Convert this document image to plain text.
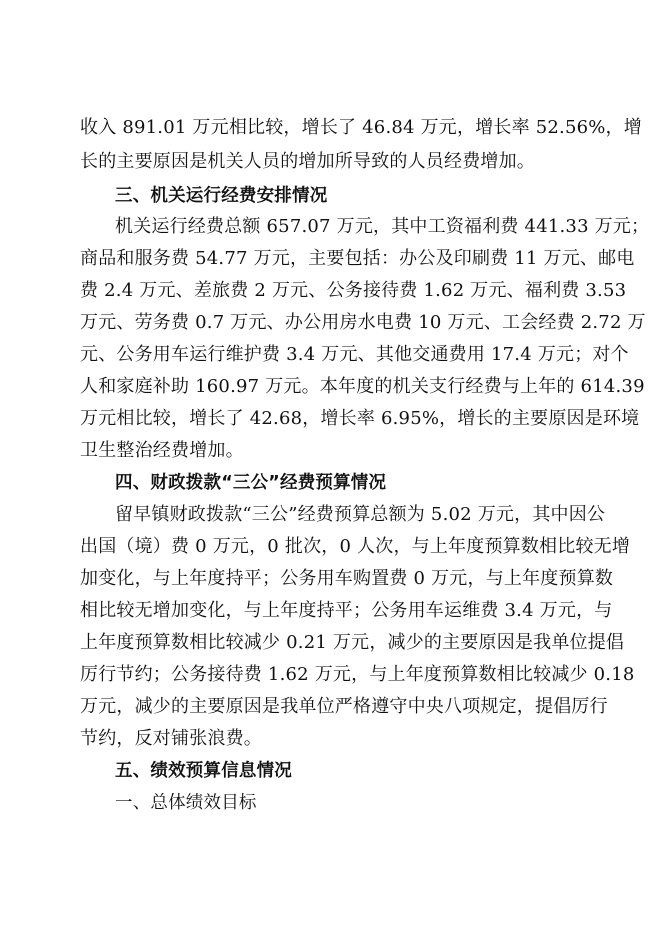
收入 891.01 万元相比较，增长了 46.84 万元，增长率 52.56%，增
长的主要原因是机关人员的增加所导致的人员经费增加。
三、机关运行经费安排情况
机关运行经费总额 657.07 万元，其中工资福利费 441.33 万元；
商品和服务费 54.77 万元，主要包括：办公及印刷费 11 万元、邮电
费 2.4 万元、差旅费 2 万元、公务接待费 1.62 万元、福利费 3.53
万元、劳务费 0.7 万元、办公用房水电费 10 万元、工会经费 2.72 万
元、公务用车运行维护费 3.4 万元、其他交通费用 17.4 万元；对个
人和家庭补助 160.97 万元。本年度的机关支行经费与上年的 614.39
万元相比较，增长了 42.68，增长率 6.95%，增长的主要原因是环境
卫生整治经费增加。
四、财政拨款“三公”经费预算情况
留早镇财政拨款“三公”经费预算总额为 5.02 万元，其中因公
出国（境）费 0 万元，0 批次，0 人次，与上年度预算数相比较无增
加变化，与上年度持平；公务用车购置费 0 万元，与上年度预算数
相比较无增加变化，与上年度持平；公务用车运维费 3.4 万元，与
上年度预算数相比较减少 0.21 万元，减少的主要原因是我单位提倡
厉行节约；公务接待费 1.62 万元，与上年度预算数相比较减少 0.18
万元，减少的主要原因是我单位严格遵守中央八项规定，提倡厉行
节约，反对铺张浪费。
五、绩效预算信息情况
一、总体绩效目标
